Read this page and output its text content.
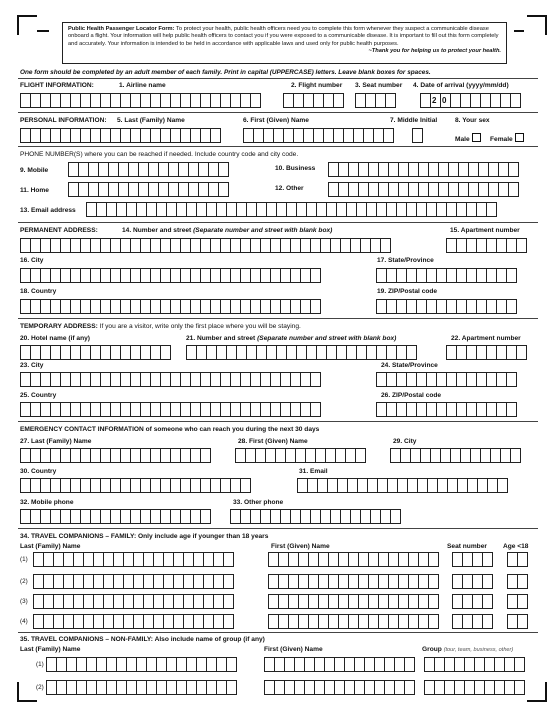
Public Health Passenger Locator Form: To protect your health, public health officers need you to complete this form whenever they suspect a communicable disease onboard a flight. Your information will help public health officers to contact you if you were exposed to a communicable disease. It is important to fill out this form completely and accurately. Your information is intended to be held in accordance with applicable laws and used only for public health purposes.
~Thank you for helping us to protect your health.
One form should be completed by an adult member of each family. Print in capital (UPPERCASE) letters. Leave blank boxes for spaces.
FLIGHT INFORMATION:	1. Airline name	2. Flight number 3. Seat number 4. Date of arrival (yyyy/mm/dd)
2 0
PERSONAL INFORMATION: 5. Last (Family) Name	6. First (Given) Name	7. Middle Initial	8. Your sex
Male	Female
PHONE NUMBER(S) where you can be reached if needed. Include country code and city code.
9. Mobile	10. Business
11. Home	12. Other
13. Email address
PERMANENT ADDRESS:	14. Number and street (Separate number and street with blank box)	15. Apartment number
16. City	17. State/Province
18. Country	19. ZIP/Postal code
TEMPORARY ADDRESS: If you are a visitor, write only the first place where you will be staying.
20. Hotel name (if any)	21. Number and street (Separate number and street with blank box)	22. Apartment number
23. City	24. State/Province
25. Country	26. ZIP/Postal code
EMERGENCY CONTACT INFORMATION of someone who can reach you during the next 30 days
27. Last (Family) Name	28. First (Given) Name	29. City
30. Country	31. Email
32. Mobile phone	33. Other phone
34. TRAVEL COMPANIONS – FAMILY: Only include age if younger than 18 years
Last (Family) Name	First (Given) Name	Seat number Age <18
(1)
(2)
(3)
(4)
35. TRAVEL COMPANIONS – NON-FAMILY: Also include name of group (if any)
Last (Family) Name	First (Given) Name	Group (tour, team, business, other)
(1)
(2)
